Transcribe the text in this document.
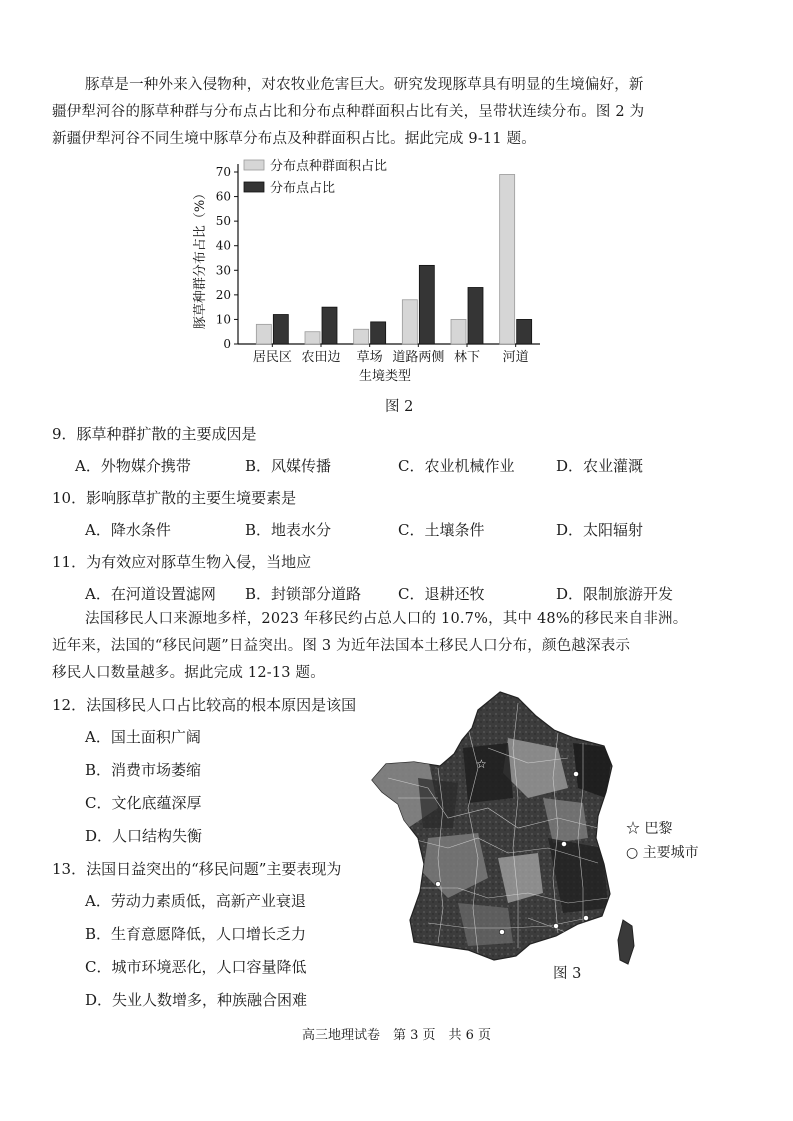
豚草是一种外来入侵物种，对农牧业危害巨大。研究发现豚草具有明显的生境偏好，新
疆伊犁河谷的豚草种群与分布点占比和分布点种群面积占比有关，呈带状连续分布。图 2 为
新疆伊犁河谷不同生境中豚草分布点及种群面积占比。据此完成 9-11 题。
0
10
20
30
40
50
60
70
豚草种群分布占比（%）
居民区 农田边 草场 道路两侧 林下 河道
生境类型
分布点种群面积占比
分布点占比
图 2
9．豚草种群扩散的主要成因是
A．外物媒介携带	B．风媒传播	C．农业机械作业	D．农业灌溉
10．影响豚草扩散的主要生境要素是
A．降水条件	B．地表水分	C．土壤条件	D．太阳辐射
11．为有效应对豚草生物入侵，当地应
A．在河道设置滤网 B．封锁部分道路 C．退耕还牧	D．限制旅游开发
法国移民人口来源地多样，2023 年移民约占总人口的 10.7%，其中 48%的移民来自非洲。
近年来，法国的“移民问题”日益突出。图 3 为近年法国本土移民人口分布，颜色越深表示
移民人口数量越多。据此完成 12-13 题。
12．法国移民人口占比较高的根本原因是该国
A．国土面积广阔
B．消费市场萎缩
C．文化底蕴深厚
D．人口结构失衡
13．法国日益突出的“移民问题”主要表现为
A．劳动力素质低，高新产业衰退
B．生育意愿降低，人口增长乏力
C．城市环境恶化，人口容量降低
D．失业人数增多，种族融合困难
☆
☆ 巴黎
○ 主要城市
图 3
高三地理试卷　第 3 页　共 6 页
